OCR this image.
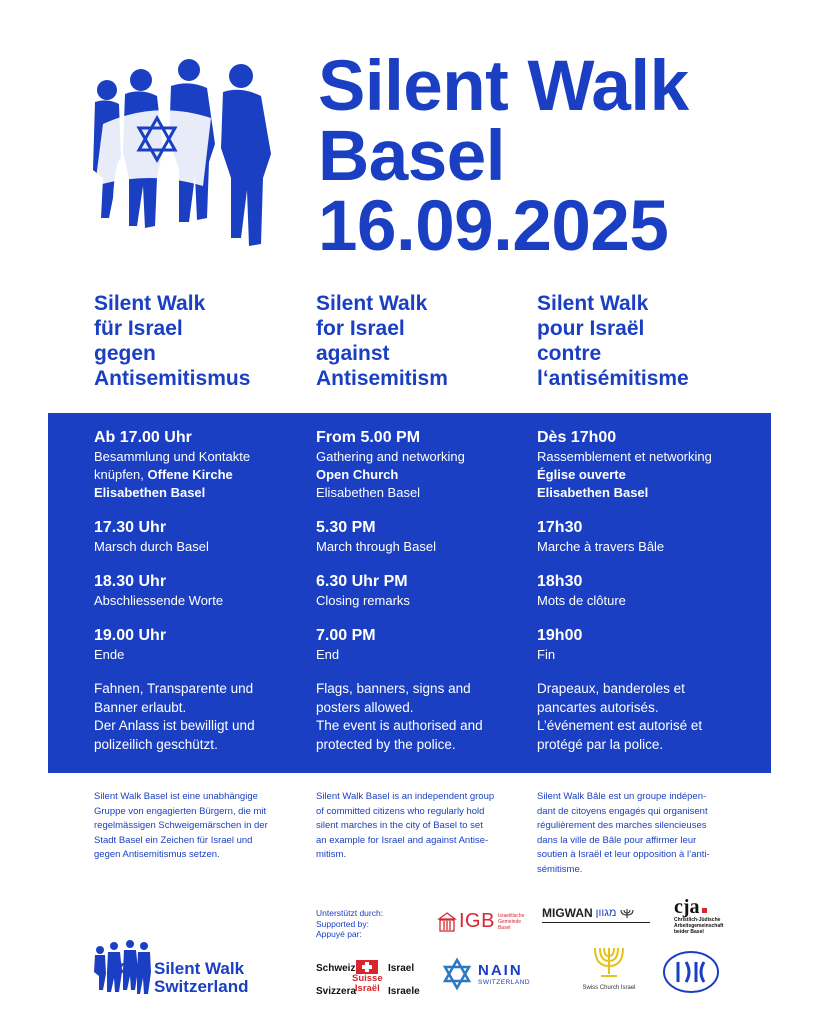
Silent Walk
Basel
16.09.2025
Silent Walk
für Israel
gegen
Antisemitismus
Silent Walk
for Israel
against
Antisemitism
Silent Walk
pour Israël
contre
l‘antisémitisme
Ab 17.00 Uhr
Besammlung und Kontakte
knüpfen, Offene Kirche
Elisabethen Basel
17.30 Uhr
Marsch durch Basel
18.30 Uhr
Abschliessende Worte
19.00 Uhr
Ende
Fahnen, Transparente und
Banner erlaubt.
Der Anlass ist bewilligt und
polizeilich geschützt.
From 5.00 PM
Gathering and networking
Open Church
Elisabethen Basel
5.30 PM
March through Basel
6.30 Uhr PM
Closing remarks
7.00 PM
End
Flags, banners, signs and
posters allowed.
The event is authorised and
protected by the police.
Dès 17h00
Rassemblement et networking
Église ouverte
Elisabethen Basel
17h30
Marche à travers Bâle
18h30
Mots de clôture
19h00
Fin
Drapeaux, banderoles et
pancartes autorisés.
L’événement est autorisé et
protégé par la police.
Silent Walk Basel ist eine unabhängige
Gruppe von engagierten Bürgern, die mit
regelmässigen Schweigemärschen in der
Stadt Basel ein Zeichen für Israel und
gegen Antisemitismus setzen.
Silent Walk Basel is an independent group
of committed citizens who regularly hold
silent marches in the city of Basel to set
an example for Israel and against Antise-
mitism.
Silent Walk Bâle est un groupe indépen-
dant de citoyens engagés qui organisent
régulièrement des marches silencieuses
dans la ville de Bâle pour affirmer leur
soutien à Israël et leur opposition à l’anti-
sémitisme.
Silent Walk
Switzerland
Unterstützt durch:
Supported by:
Appuyé par:
IGB Israelitische
Gemeinde
Basel
MIGWAN מגוון	cja
Christlich-Jüdische
Arbeitsgemeinschaft
beider Basel
Schweiz
Svizzera
Suisse
Israël
Israel
Israele
NAIN
SWITZERLAND
Swiss Church Israel
